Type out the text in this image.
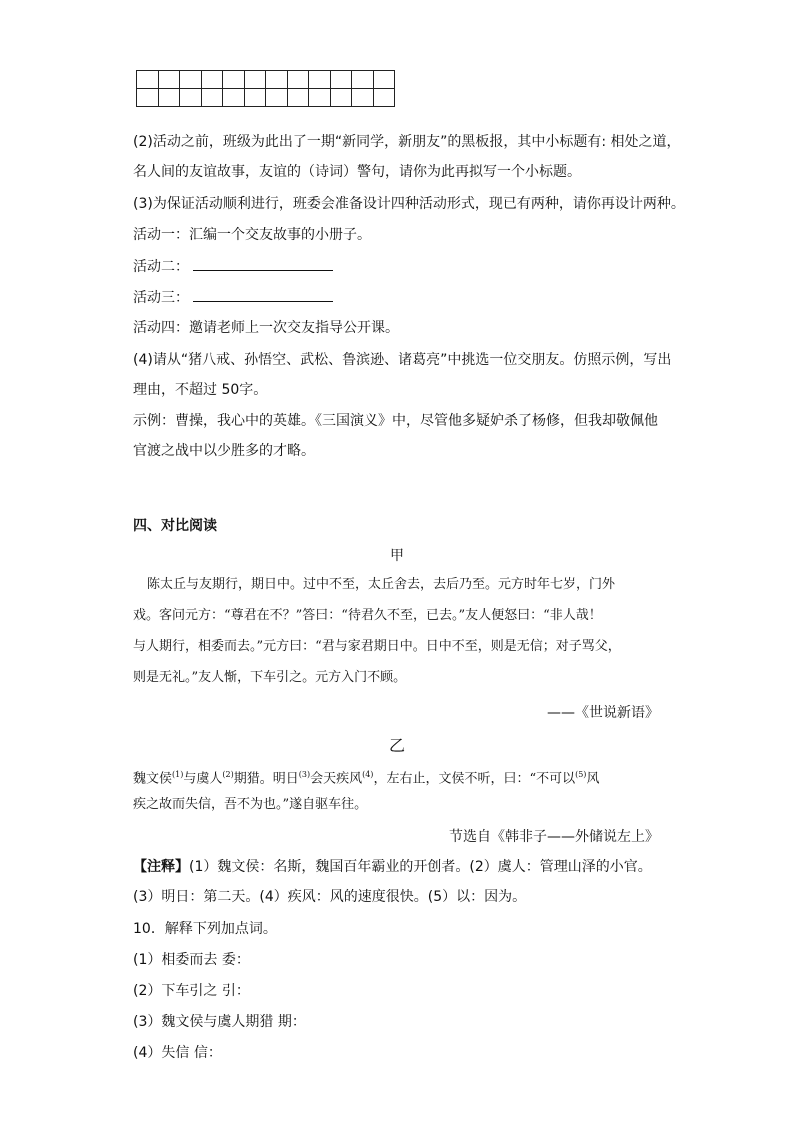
(2)活动之前，班级为此出了一期“新同学，新朋友”的黑板报，其中小标题有: 相处之道，
名人间的友谊故事，友谊的（诗词）警句，请你为此再拟写一个小标题。
(3)为保证活动顺利进行，班委会准备设计四种活动形式，现已有两种，请你再设计两种。
活动一：汇编一个交友故事的小册子。
活动二：
活动三：
活动四：邀请老师上一次交友指导公开课。
(4)请从“猪八戒、孙悟空、武松、鲁滨逊、诸葛亮”中挑选一位交朋友。仿照示例，写出
理由，不超过 50字。
示例：曹操，我心中的英雄。《三国演义》中，尽管他多疑妒杀了杨修，但我却敬佩他
官渡之战中以少胜多的才略。
四、对比阅读
甲
陈太丘与友期行，期日中。过中不至，太丘舍去，去后乃至。元方时年七岁，门外
戏。客问元方：“尊君在不？”答曰：“待君久不至，已去。”友人便怒曰：“非人哉！
与人期行，相委而去。”元方曰：“君与家君期日中。日中不至，则是无信；对子骂父，
则是无礼。”友人惭，下车引之。元方入门不顾。
——《世说新语》
乙
魏文侯$^{(1)}$与虞人$^{(2)}$期猎。明日$^{(3)}$会天疾风$^{(4)}$，左右止，文侯不听，曰：“不可以$^{(5)}$风
疾之故而失信，吾不为也。”遂自驱车往。
节选自《韩非子——外储说左上》
【注释】(1）魏文侯：名斯，魏国百年霸业的开创者。(2）虞人：管理山泽的小官。
(3）明日：第二天。(4）疾风：风的速度很快。(5）以：因为。
10．解释下列加点词。
(1）相委而去 委：
(2）下车引之 引：
(3）魏文侯与虞人期猎 期：
(4）失信 信：
